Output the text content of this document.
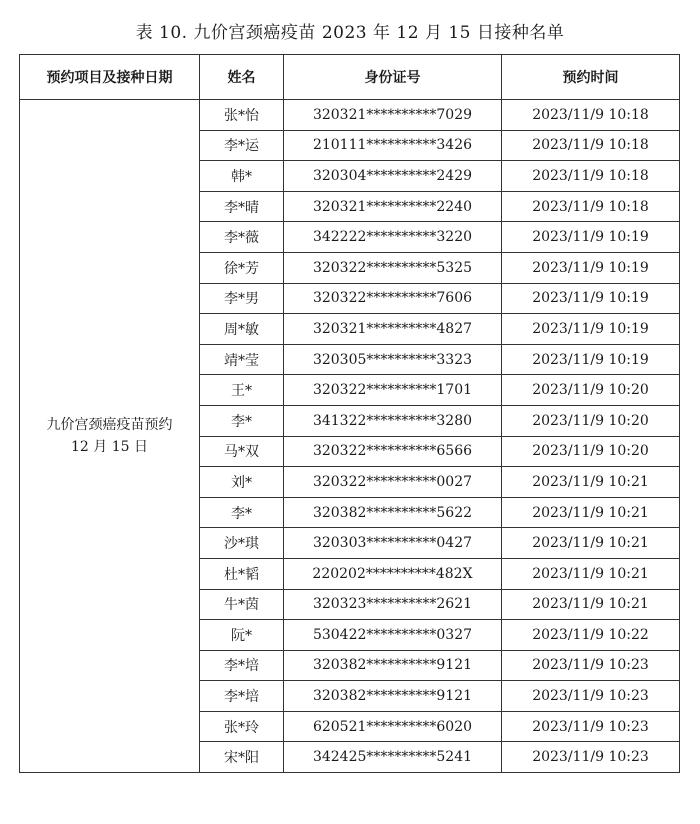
表 10. 九价宫颈癌疫苗 2023 年 12 月 15 日接种名单
预约项目及接种日期	姓名	身份证号	预约时间

九价宫颈癌疫苗预约
12 月 15 日	张*怡	320321**********7029	2023/11/9 10:18
	李*运	210111**********3426	2023/11/9 10:18
	韩*	320304**********2429	2023/11/9 10:18
	李*晴	320321**********2240	2023/11/9 10:18
	李*薇	342222**********3220	2023/11/9 10:19
	徐*芳	320322**********5325	2023/11/9 10:19
	李*男	320322**********7606	2023/11/9 10:19
	周*敏	320321**********4827	2023/11/9 10:19
	靖*莹	320305**********3323	2023/11/9 10:19
	王*	320322**********1701	2023/11/9 10:20
	李*	341322**********3280	2023/11/9 10:20
	马*双	320322**********6566	2023/11/9 10:20
	刘*	320322**********0027	2023/11/9 10:21
	李*	320382**********5622	2023/11/9 10:21
	沙*琪	320303**********0427	2023/11/9 10:21
	杜*韬	220202**********482X	2023/11/9 10:21
	牛*茵	320323**********2621	2023/11/9 10:21
	阮*	530422**********0327	2023/11/9 10:22
	李*培	320382**********9121	2023/11/9 10:23
	李*培	320382**********9121	2023/11/9 10:23
	张*玲	620521**********6020	2023/11/9 10:23
	宋*阳	342425**********5241	2023/11/9 10:23
